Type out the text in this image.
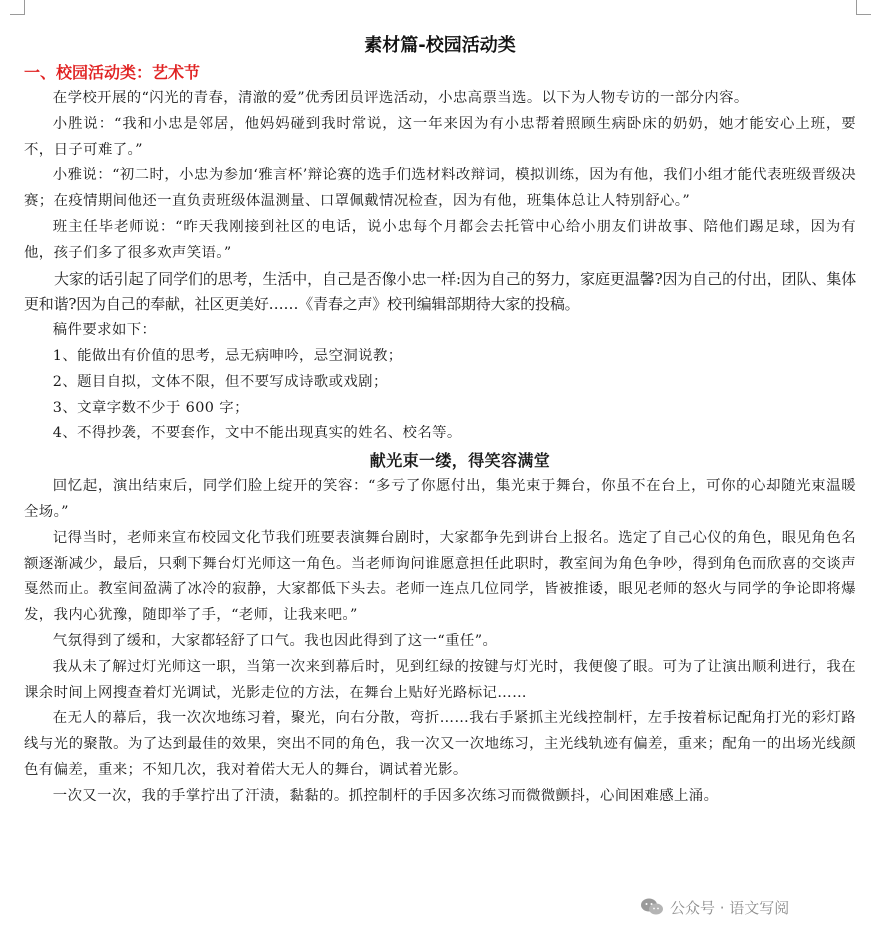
素材篇-校园活动类
一、校园活动类：艺术节

在学校开展的“闪光的青春，清澈的爱”优秀团员评选活动，小忠高票当选。以下为人物专访的一部分内容。

小胜说：“我和小忠是邻居，他妈妈碰到我时常说，这一年来因为有小忠帮着照顾生病卧床的奶奶，她才能安心上班，要不，日子可难了。”

小雅说：“初二时，小忠为参加‘雅言杯’辩论赛的选手们选材料改辩词，模拟训练，因为有他，我们小组才能代表班级晋级决赛；在疫情期间他还一直负责班级体温测量、口罩佩戴情况检查，因为有他，班集体总让人特别舒心。”

班主任毕老师说：“昨天我刚接到社区的电话，说小忠每个月都会去托管中心给小朋友们讲故事、陪他们踢足球，因为有他，孩子们多了很多欢声笑语。”

大家的话引起了同学们的思考，生活中，自己是否像小忠一样:因为自己的努力，家庭更温馨?因为自己的付出，团队、集体更和谐?因为自己的奉献，社区更美好……《青春之声》校刊编辑部期待大家的投稿。

稿件要求如下：

1、能做出有价值的思考，忌无病呻吟，忌空洞说教；

2、题目自拟，文体不限，但不要写成诗歌或戏剧；

3、文章字数不少于 600 字；

4、不得抄袭，不要套作，文中不能出现真实的姓名、校名等。

献光束一缕，得笑容满堂

回忆起，演出结束后，同学们脸上绽开的笑容：“多亏了你愿付出，集光束于舞台，你虽不在台上，可你的心却随光束温暖全场。”

记得当时，老师来宣布校园文化节我们班要表演舞台剧时，大家都争先到讲台上报名。选定了自己心仪的角色，眼见角色名额逐渐减少，最后，只剩下舞台灯光师这一角色。当老师询问谁愿意担任此职时，教室间为角色争吵，得到角色而欣喜的交谈声戛然而止。教室间盈满了冰冷的寂静，大家都低下头去。老师一连点几位同学，皆被推诿，眼见老师的怒火与同学的争论即将爆发，我内心犹豫，随即举了手，“老师，让我来吧。”

气氛得到了缓和，大家都轻舒了口气。我也因此得到了这一“重任”。

我从未了解过灯光师这一职，当第一次来到幕后时，见到红绿的按键与灯光时，我便傻了眼。可为了让演出顺利进行，我在课余时间上网搜查着灯光调试，光影走位的方法，在舞台上贴好光路标记……

在无人的幕后，我一次次地练习着，聚光，向右分散，弯折……我右手紧抓主光线控制杆，左手按着标记配角打光的彩灯路线与光的聚散。为了达到最佳的效果，突出不同的角色，我一次又一次地练习，主光线轨迹有偏差，重来；配角一的出场光线颜色有偏差，重来；不知几次，我对着偌大无人的舞台，调试着光影。

一次又一次，我的手掌拧出了汗渍，黏黏的。抓控制杆的手因多次练习而微微颤抖，心间困难感上涌。

公众号 · 语文写阅
